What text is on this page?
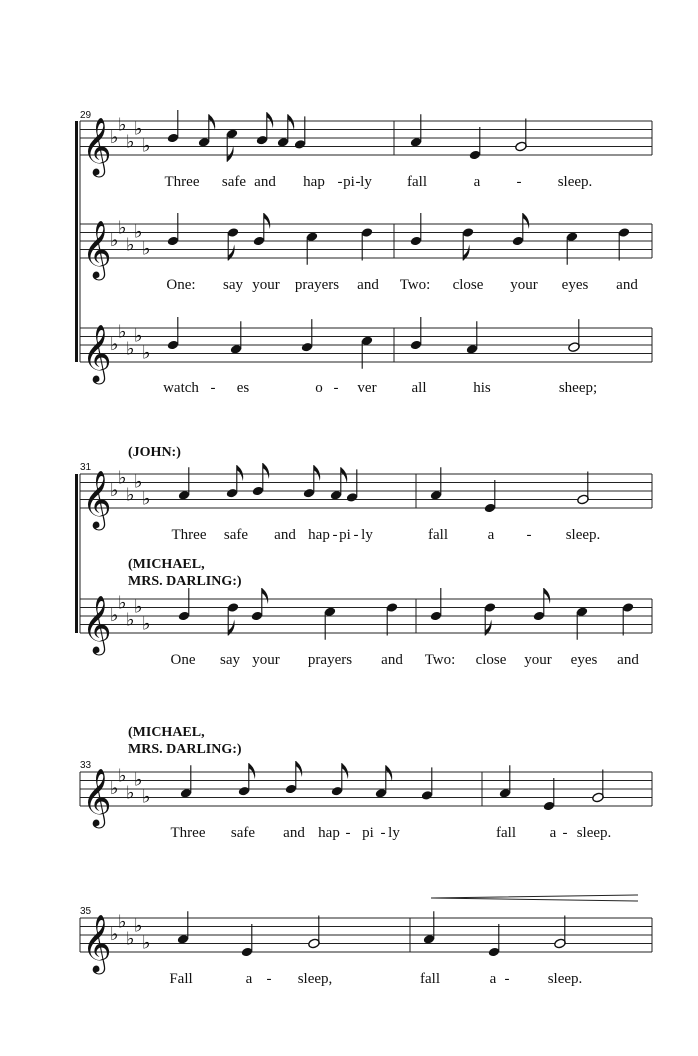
29
𝄞
♭
♭
♭
♭
♭
Three safe and hap - pi - ly fall	a - sleep.
𝄞
♭
♭
♭
♭
♭
One: say your prayers and Two: close your eyes and
𝄞
♭
♭
♭
♭
♭
watch - es	o - ver all	his	sheep;
31
𝄞
♭
♭
♭
♭
♭
(JOHN:)
Three safe and hap - pi - ly	fall	a - sleep.
𝄞
♭
♭
♭
♭
♭
(MICHAEL,
MRS. DARLING:)
One say your prayers and Two: close your eyes and
33
𝄞
♭
♭
♭
♭
♭
(MICHAEL,
MRS. DARLING:)
Three safe and hap - pi - ly	fall a - sleep.
35
𝄞
♭
♭
♭
♭
♭
Fall	a - sleep,	fall	a -	sleep.
